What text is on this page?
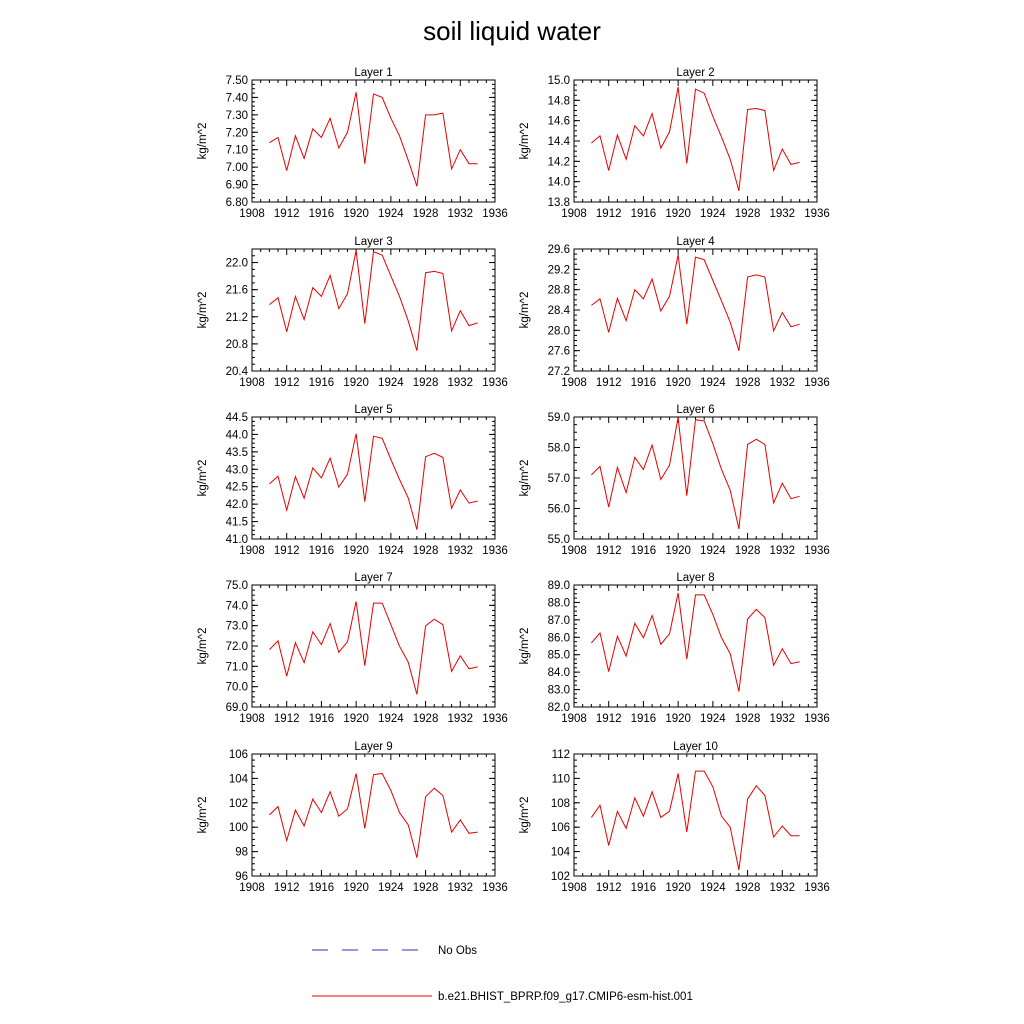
soil liquid water
Layer 1
1908 1912 1916 1920 1924 1928 1932 1936
6.80
6.90
7.00
7.10
7.20
7.30
7.40
7.50
kg/m^2
Layer 2
1908 1912 1916 1920 1924 1928 1932 1936
13.8
14.0
14.2
14.4
14.6
14.8
15.0
kg/m^2
Layer 3
1908 1912 1916 1920 1924 1928 1932 1936
20.4
20.8
21.2
21.6
22.0
kg/m^2
Layer 4
1908 1912 1916 1920 1924 1928 1932 1936
27.2
27.6
28.0
28.4
28.8
29.2
29.6
kg/m^2
Layer 5
1908 1912 1916 1920 1924 1928 1932 1936
41.0
41.5
42.0
42.5
43.0
43.5
44.0
44.5
kg/m^2
Layer 6
1908 1912 1916 1920 1924 1928 1932 1936
55.0
56.0
57.0
58.0
59.0
kg/m^2
Layer 7
1908 1912 1916 1920 1924 1928 1932 1936
69.0
70.0
71.0
72.0
73.0
74.0
75.0
kg/m^2
Layer 8
1908 1912 1916 1920 1924 1928 1932 1936
82.0
83.0
84.0
85.0
86.0
87.0
88.0
89.0
kg/m^2
Layer 9
1908 1912 1916 1920 1924 1928 1932 1936
96
98
100
102
104
106
kg/m^2
Layer 10
1908 1912 1916 1920 1924 1928 1932 1936
102
104
106
108
110
112
kg/m^2
No Obs
b.e21.BHIST_BPRP.f09_g17.CMIP6-esm-hist.001
